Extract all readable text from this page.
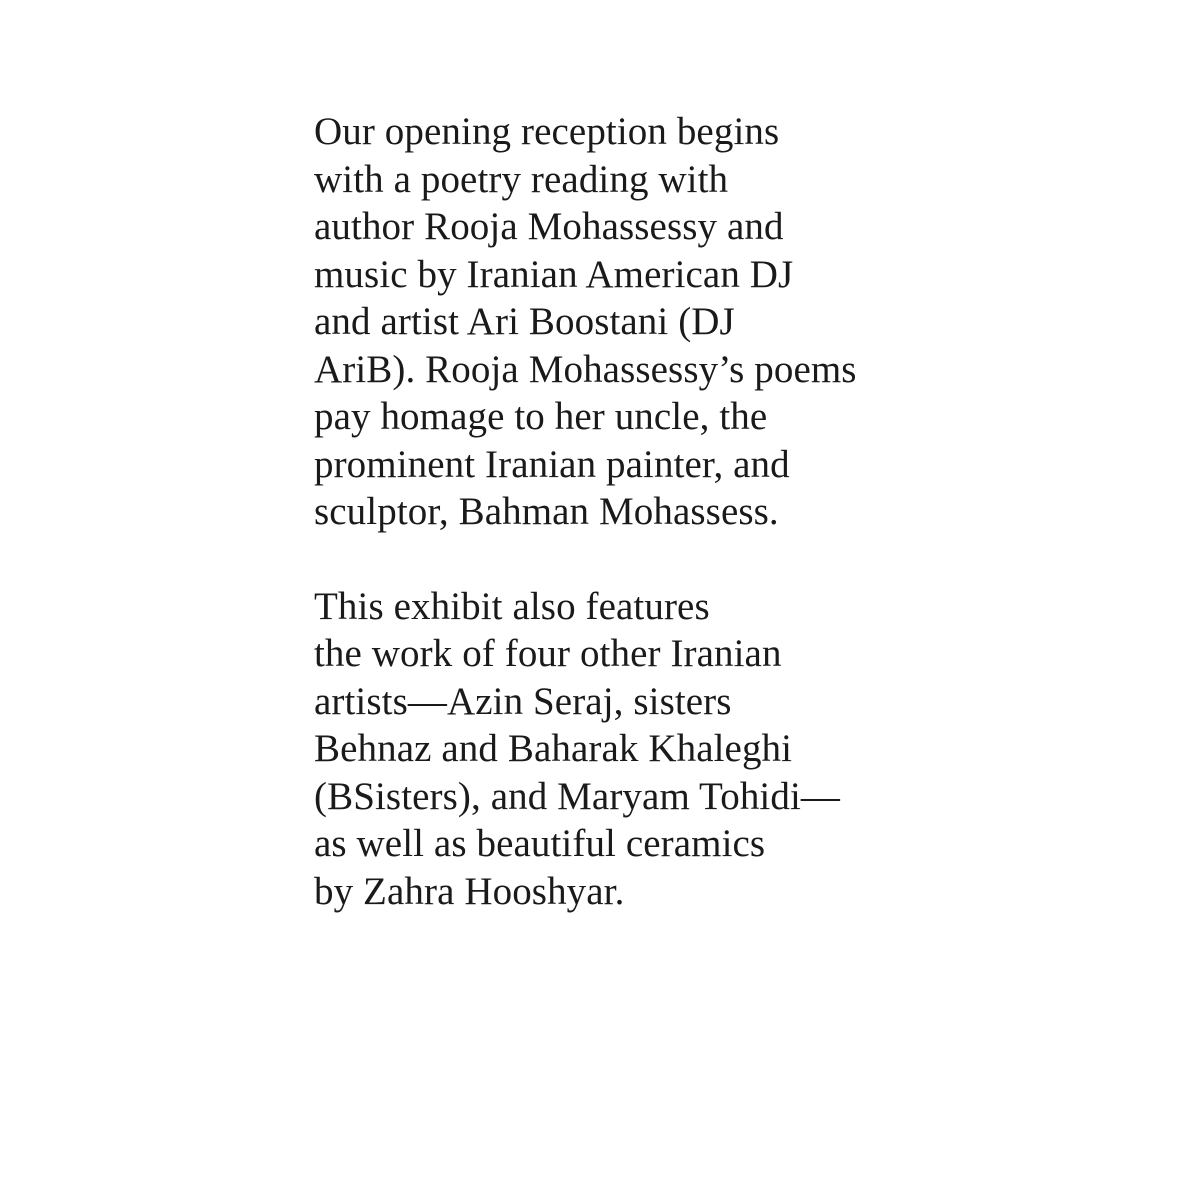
Our opening reception begins
with a poetry reading with
author Rooja Mohassessy and
music by Iranian American DJ
and artist Ari Boostani (DJ
AriB). Rooja Mohassessy’s poems
pay homage to her uncle, the
prominent Iranian painter, and
sculptor, Bahman Mohassess.

This exhibit also features
the work of four other Iranian
artists—Azin Seraj, sisters
Behnaz and Baharak Khaleghi
(BSisters), and Maryam Tohidi—
as well as beautiful ceramics
by Zahra Hooshyar.
